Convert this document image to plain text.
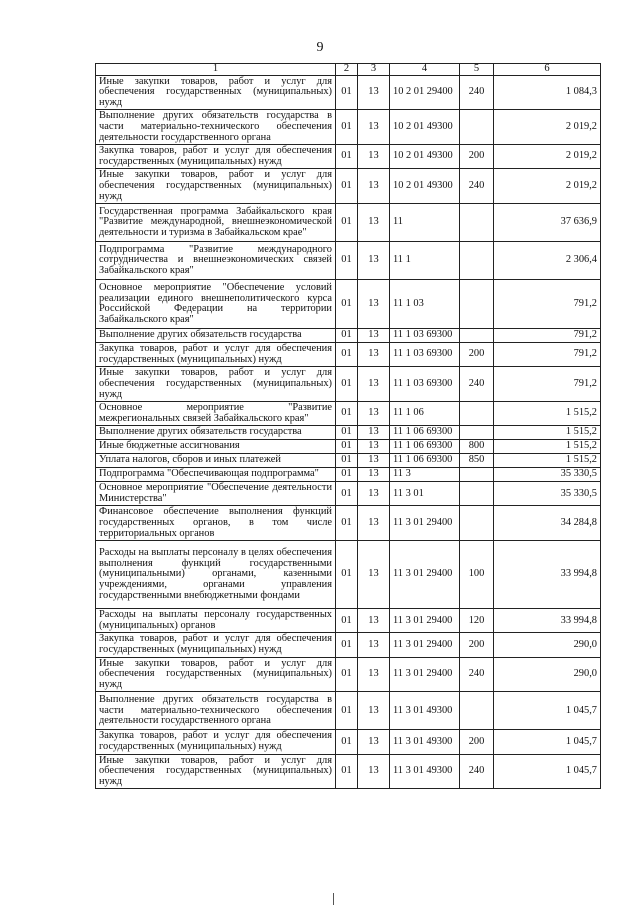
9
1	2	3	4	5	6
Иные закупки товаров, работ и услуг для обеспечения государственных (муниципальных) нужд	01	13	10 2 01 29400	240	1 084,3
Выполнение других обязательств государства в части материально-технического обеспечения деятельности государственного органа	01	13	10 2 01 49300		2 019,2
Закупка товаров, работ и услуг для обеспечения государственных (муниципальных) нужд	01	13	10 2 01 49300	200	2 019,2
Иные закупки товаров, работ и услуг для обеспечения государственных (муниципальных) нужд	01	13	10 2 01 49300	240	2 019,2
Государственная программа Забайкальского края "Развитие международной, внешнеэкономической деятельности и туризма в Забайкальском крае"	01	13	11		37 636,9
Подпрограмма "Развитие международного сотрудничества и внешнеэкономических связей Забайкальского края"	01	13	11 1		2 306,4
Основное мероприятие "Обеспечение условий реализации единого внешнеполитического курса Российской Федерации на территории Забайкальского края"	01	13	11 1 03		791,2
Выполнение других обязательств государства	01	13	11 1 03 69300		791,2
Закупка товаров, работ и услуг для обеспечения государственных (муниципальных) нужд	01	13	11 1 03 69300	200	791,2
Иные закупки товаров, работ и услуг для обеспечения государственных (муниципальных) нужд	01	13	11 1 03 69300	240	791,2
Основное мероприятие "Развитие межрегиональных связей Забайкальского края"	01	13	11 1 06		1 515,2
Выполнение других обязательств государства	01	13	11 1 06 69300		1 515,2
Иные бюджетные ассигнования	01	13	11 1 06 69300	800	1 515,2
Уплата налогов, сборов и иных платежей	01	13	11 1 06 69300	850	1 515,2
Подпрограмма "Обеспечивающая подпрограмма"	01	13	11 3		35 330,5
Основное мероприятие "Обеспечение деятельности Министерства"	01	13	11 3 01		35 330,5
Финансовое обеспечение выполнения функций государственных органов, в том числе территориальных органов	01	13	11 3 01 29400		34 284,8
Расходы на выплаты персоналу в целях обеспечения выполнения функций государственными (муниципальными) органами, казенными учреждениями, органами управления государственными внебюджетными фондами	01	13	11 3 01 29400	100	33 994,8
Расходы на выплаты персоналу государственных (муниципальных) органов	01	13	11 3 01 29400	120	33 994,8
Закупка товаров, работ и услуг для обеспечения государственных (муниципальных) нужд	01	13	11 3 01 29400	200	290,0
Иные закупки товаров, работ и услуг для обеспечения государственных (муниципальных) нужд	01	13	11 3 01 29400	240	290,0
Выполнение других обязательств государства в части материально-технического обеспечения деятельности государственного органа	01	13	11 3 01 49300		1 045,7
Закупка товаров, работ и услуг для обеспечения государственных (муниципальных) нужд	01	13	11 3 01 49300	200	1 045,7
Иные закупки товаров, работ и услуг для обеспечения государственных (муниципальных) нужд	01	13	11 3 01 49300	240	1 045,7
